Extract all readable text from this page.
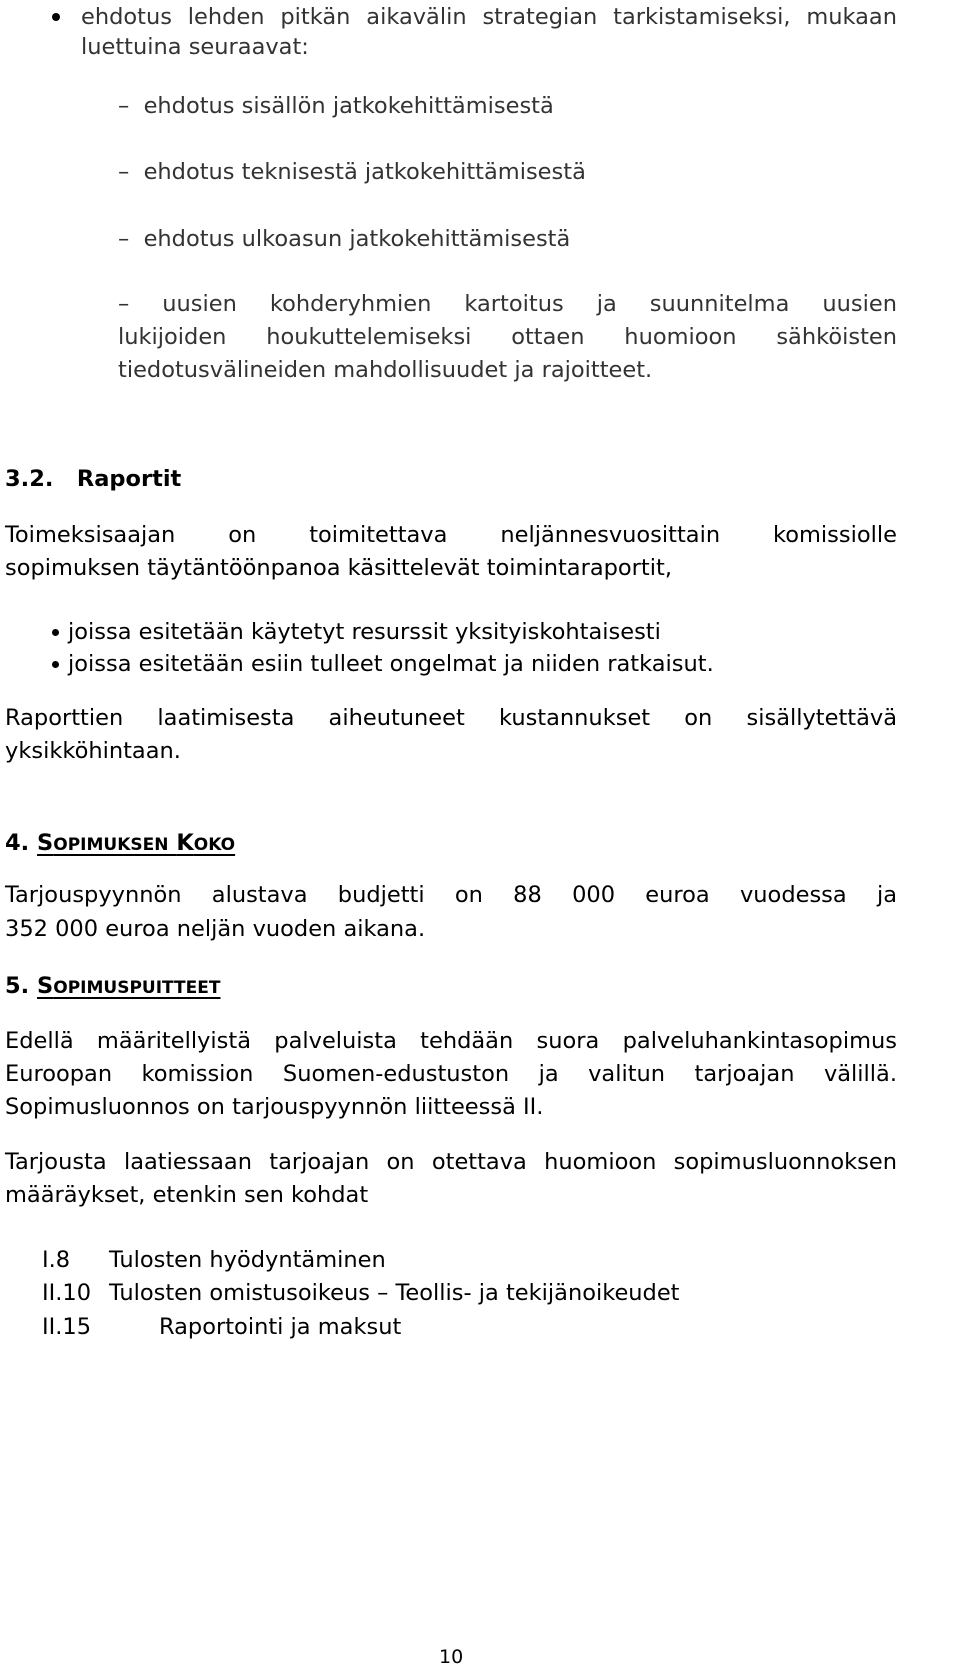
ehdotus lehden pitkän aikavälin strategian tarkistamiseksi, mukaan
luettuina seuraavat:
– ehdotus sisällön jatkokehittämisestä
– ehdotus teknisestä jatkokehittämisestä
– ehdotus ulkoasun jatkokehittämisestä
– uusien kohderyhmien kartoitus ja suunnitelma uusien
lukijoiden houkuttelemiseksi ottaen huomioon sähköisten
tiedotusvälineiden mahdollisuudet ja rajoitteet.
3.2. Raportit
Toimeksisaajan on toimitettava neljännesvuosittain komissiolle
sopimuksen täytäntöönpanoa käsittelevät toimintaraportit,
joissa esitetään käytetyt resurssit yksityiskohtaisesti
joissa esitetään esiin tulleet ongelmat ja niiden ratkaisut.
Raporttien laatimisesta aiheutuneet kustannukset on sisällytettävä
yksikköhintaan.
4. SOPIMUKSEN KOKO
Tarjouspyynnön alustava budjetti on 88 000 euroa vuodessa ja
352 000 euroa neljän vuoden aikana.
5. SOPIMUSPUITTEET
Edellä määritellyistä palveluista tehdään suora palveluhankintasopimus
Euroopan komission Suomen-edustuston ja valitun tarjoajan välillä.
Sopimusluonnos on tarjouspyynnön liitteessä II.
Tarjousta laatiessaan tarjoajan on otettava huomioon sopimusluonnoksen
määräykset, etenkin sen kohdat
I.8 Tulosten hyödyntäminen
II.10 Tulosten omistusoikeus – Teollis- ja tekijänoikeudet
II.15	Raportointi ja maksut
10
